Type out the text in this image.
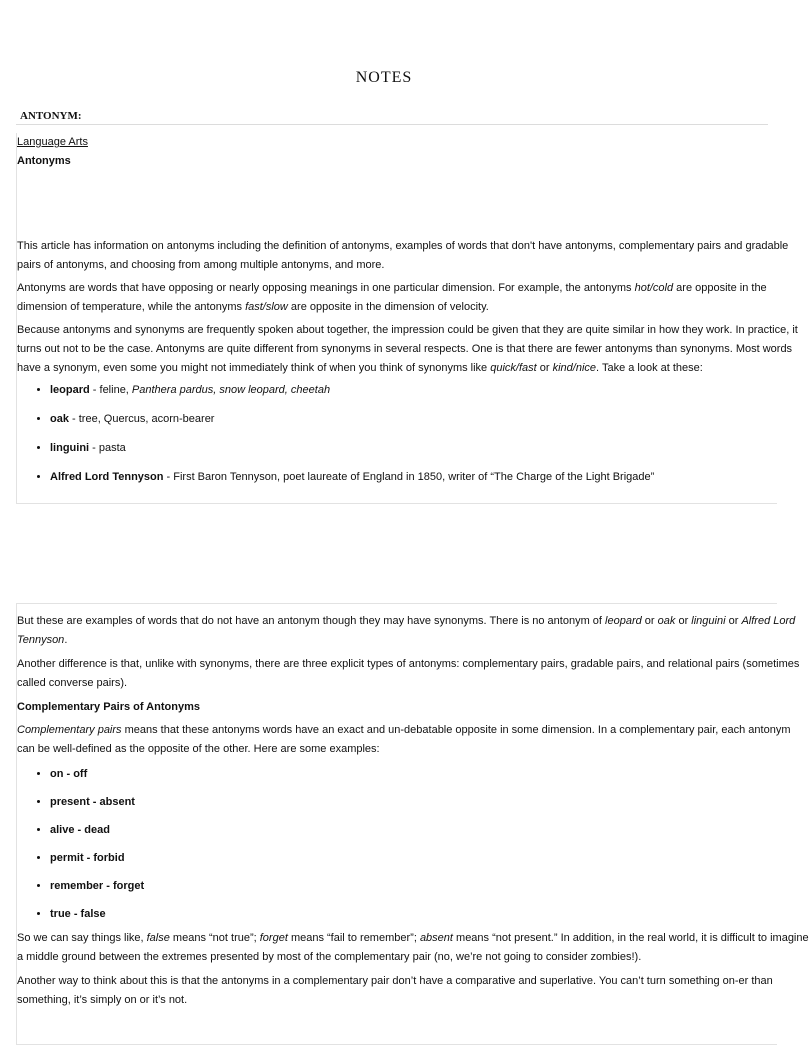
NOTES
ANTONYM:

Language Arts

Antonyms

This article has information on antonyms including the definition of antonyms, examples of words that don't have antonyms, complementary pairs and gradable
pairs of antonyms, and choosing from among multiple antonyms, and more.

Antonyms are words that have opposing or nearly opposing meanings in one particular dimension. For example, the antonyms hot/cold are opposite in the
dimension of temperature, while the antonyms fast/slow are opposite in the dimension of velocity.

Because antonyms and synonyms are frequently spoken about together, the impression could be given that they are quite similar in how they work. In practice, it
turns out not to be the case. Antonyms are quite different from synonyms in several respects. One is that there are fewer antonyms than synonyms. Most words
have a synonym, even some you might not immediately think of when you think of synonyms like quick/fast or kind/nice. Take a look at these:

• leopard - feline, Panthera pardus, snow leopard, cheetah
• oak - tree, Quercus, acorn-bearer
• linguini - pasta
• Alfred Lord Tennyson - First Baron Tennyson, poet laureate of England in 1850, writer of “The Charge of the Light Brigade”

But these are examples of words that do not have an antonym though they may have synonyms. There is no antonym of leopard or oak or linguini or Alfred Lord
Tennyson.

Another difference is that, unlike with synonyms, there are three explicit types of antonyms: complementary pairs, gradable pairs, and relational pairs (sometimes
called converse pairs).

Complementary Pairs of Antonyms

Complementary pairs means that these antonyms words have an exact and un-debatable opposite in some dimension. In a complementary pair, each antonym
can be well-defined as the opposite of the other. Here are some examples:

• on - off
• present - absent
• alive - dead
• permit - forbid
• remember - forget
• true - false

So we can say things like, false means “not true”; forget means “fail to remember”; absent means “not present.” In addition, in the real world, it is difficult to imagine
a middle ground between the extremes presented by most of the complementary pair (no, we’re not going to consider zombies!).

Another way to think about this is that the antonyms in a complementary pair don’t have a comparative and superlative. You can’t turn something on-er than
something, it’s simply on or it’s not.
